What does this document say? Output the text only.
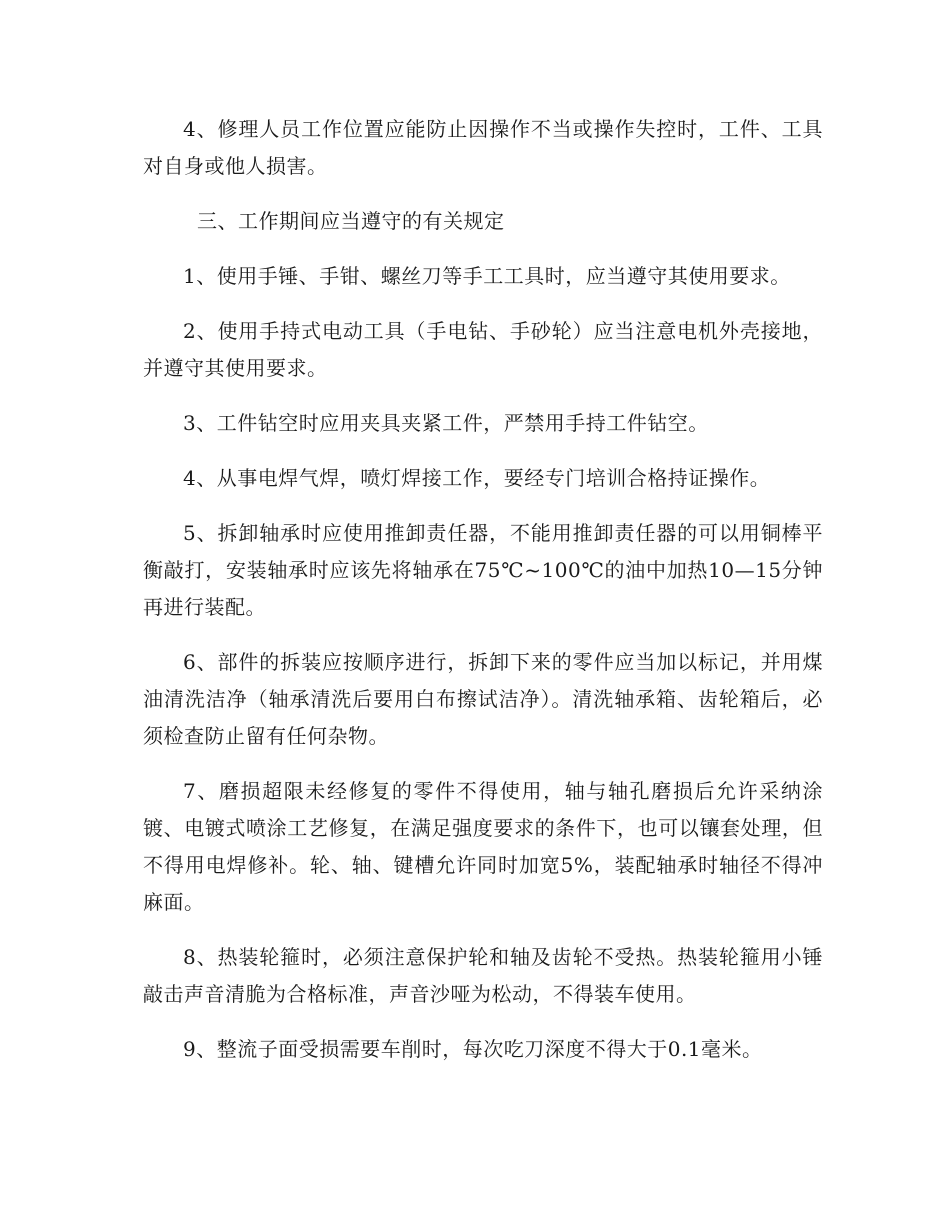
4、修理人员工作位置应能防止因操作不当或操作失控时，工件、工具对自身或他人损害。

三、工作期间应当遵守的有关规定

1、使用手锤、手钳、螺丝刀等手工工具时，应当遵守其使用要求。

2、使用手持式电动工具（手电钻、手砂轮）应当注意电机外壳接地，并遵守其使用要求。

3、工件钻空时应用夹具夹紧工件，严禁用手持工件钻空。

4、从事电焊气焊，喷灯焊接工作，要经专门培训合格持证操作。

5、拆卸轴承时应使用推卸责任器，不能用推卸责任器的可以用铜棒平衡敲打，安装轴承时应该先将轴承在75℃~100℃的油中加热10—15分钟再进行装配。

6、部件的拆装应按顺序进行，拆卸下来的零件应当加以标记，并用煤油清洗洁净（轴承清洗后要用白布擦试洁净）。清洗轴承箱、齿轮箱后，必须检查防止留有任何杂物。

7、磨损超限未经修复的零件不得使用，轴与轴孔磨损后允许采纳涂镀、电镀式喷涂工艺修复，在满足强度要求的条件下，也可以镶套处理，但不得用电焊修补。轮、轴、键槽允许同时加宽5%，装配轴承时轴径不得冲麻面。

8、热装轮箍时，必须注意保护轮和轴及齿轮不受热。热装轮箍用小锤敲击声音清脆为合格标准，声音沙哑为松动，不得装车使用。

9、整流子面受损需要车削时，每次吃刀深度不得大于0.1毫米。
